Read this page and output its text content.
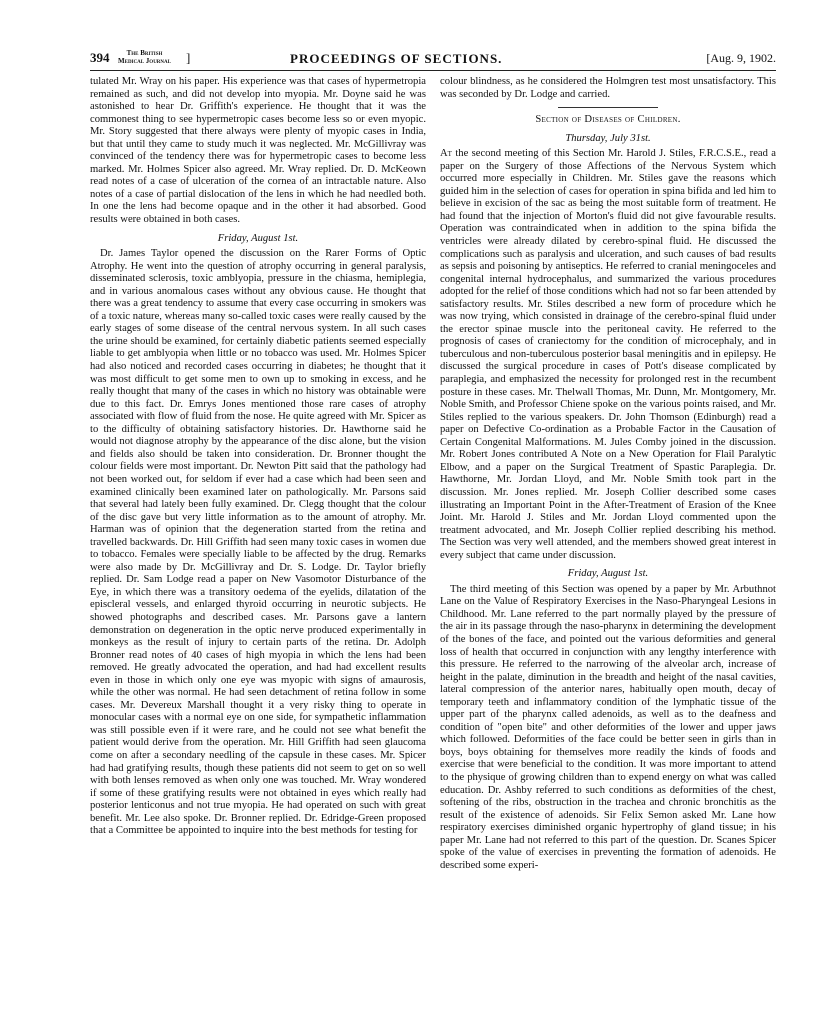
394	The British
Medical Journal ]	PROCEEDINGS OF SECTIONS.	[Aug. 9, 1902.

tulated Mr. Wray on his paper. His experience was that cases of hypermetropia remained as such, and did not develop into myopia. Mr. Doyne said he was astonished to hear Dr. Griffith's experience. He thought that it was the commonest thing to see hypermetropic cases become less so or even myopic. Mr. Story suggested that there always were plenty of myopic cases in India, but that until they came to study much it was neglected. Mr. McGillivray was convinced of the tendency there was for hypermetropic cases to become less marked. Mr. Holmes Spicer also agreed. Mr. Wray replied. Dr. D. McKeown read notes of a case of ulceration of the cornea of an intractable nature. Also notes of a case of partial dislocation of the lens in which he had needled both. In one the lens had become opaque and in the other it had absorbed. Good results were obtained in both cases.

Friday, August 1st.

Dr. James Taylor opened the discussion on the Rarer Forms of Optic Atrophy. He went into the question of atrophy occurring in general paralysis, disseminated sclerosis, toxic amblyopia, pressure in the chiasma, hemiplegia, and in various anomalous cases without any obvious cause. He thought that there was a great tendency to assume that every case occurring in smokers was of a toxic nature, whereas many so-called toxic cases were really caused by the early stages of some disease of the central nervous system. In all such cases the urine should be examined, for certainly diabetic patients seemed especially liable to get amblyopia when little or no tobacco was used. Mr. Holmes Spicer had also noticed and recorded cases occurring in diabetes; he thought that it was most difficult to get some men to own up to smoking in excess, and he really thought that many of the cases in which no history was obtainable were due to this fact. Dr. Emrys Jones mentioned those rare cases of atrophy associated with flow of fluid from the nose. He quite agreed with Mr. Spicer as to the difficulty of obtaining satisfactory histories. Dr. Hawthorne said he would not diagnose atrophy by the appearance of the disc alone, but the vision and fields also should be taken into consideration. Dr. Bronner thought the colour fields were most important. Dr. Newton Pitt said that the pathology had not been worked out, for seldom if ever had a case which had been seen and examined clinically been examined later on pathologically. Mr. Parsons said that several had lately been fully examined. Dr. Clegg thought that the colour of the disc gave but very little information as to the amount of atrophy. Mr. Harman was of opinion that the degeneration started from the retina and travelled backwards. Dr. Hill Griffith had seen many toxic cases in women due to tobacco. Females were specially liable to be affected by the drug. Remarks were also made by Dr. McGillivray and Dr. S. Lodge. Dr. Taylor briefly replied. Dr. Sam Lodge read a paper on New Vasomotor Disturbance of the Eye, in which there was a transitory oedema of the eyelids, dilatation of the episcleral vessels, and enlarged thyroid occurring in neurotic subjects. He showed photographs and described cases. Mr. Parsons gave a lantern demonstration on degeneration in the optic nerve produced experimentally in monkeys as the result of injury to certain parts of the retina. Dr. Adolph Bronner read notes of 40 cases of high myopia in which the lens had been removed. He greatly advocated the operation, and had had excellent results even in those in which only one eye was myopic with signs of amaurosis, while the other was normal. He had seen detachment of retina follow in some cases. Mr. Devereux Marshall thought it a very risky thing to operate in monocular cases with a normal eye on one side, for sympathetic inflammation was still possible even if it were rare, and he could not see what benefit the patient would derive from the operation. Mr. Hill Griffith had seen glaucoma come on after a secondary needling of the capsule in these cases. Mr. Spicer had had gratifying results, though these patients did not seem to get on so well with both lenses removed as when only one was touched. Mr. Wray wondered if some of these gratifying results were not obtained in eyes which really had posterior lenticonus and not true myopia. He had operated on such with great benefit. Mr. Lee also spoke. Dr. Bronner replied. Dr. Edridge-Green proposed that a Committee be appointed to inquire into the best methods for testing for

colour blindness, as he considered the Holmgren test most unsatisfactory. This was seconded by Dr. Lodge and carried.

Section of Diseases of Children.
Thursday, July 31st.

At the second meeting of this Section Mr. Harold J. Stiles, F.R.C.S.E., read a paper on the Surgery of those Affections of the Nervous System which occurred more especially in Children. Mr. Stiles gave the reasons which guided him in the selection of cases for operation in spina bifida and led him to believe in excision of the sac as being the most suitable form of treatment. He had found that the injection of Morton's fluid did not give favourable results. Operation was contraindicated when in addition to the spina bifida the ventricles were already dilated by cerebro-spinal fluid. He discussed the complications such as paralysis and ulceration, and such causes of bad results as sepsis and poisoning by antiseptics. He referred to cranial meningoceles and congenital internal hydrocephalus, and summarized the various procedures adopted for the relief of those conditions which had not so far been attended by satisfactory results. Mr. Stiles described a new form of procedure which he was now trying, which consisted in drainage of the cerebro-spinal fluid under the erector spinae muscle into the peritoneal cavity. He referred to the prognosis of cases of craniectomy for the condition of microcephaly, and in tuberculous and non-tuberculous posterior basal meningitis and in epilepsy. He discussed the surgical procedure in cases of Pott's disease complicated by paraplegia, and emphasized the necessity for prolonged rest in the recumbent posture in these cases. Mr. Thelwall Thomas, Mr. Dunn, Mr. Montgomery, Mr. Noble Smith, and Professor Chiene spoke on the various points raised, and Mr. Stiles replied to the various speakers. Dr. John Thomson (Edinburgh) read a paper on Defective Co-ordination as a Probable Factor in the Causation of Certain Congenital Malformations. M. Jules Comby joined in the discussion. Mr. Robert Jones contributed A Note on a New Operation for Flail Paralytic Elbow, and a paper on the Surgical Treatment of Spastic Paraplegia. Dr. Hawthorne, Mr. Jordan Lloyd, and Mr. Noble Smith took part in the discussion. Mr. Jones replied. Mr. Joseph Collier described some cases illustrating an Important Point in the After-Treatment of Erasion of the Knee Joint. Mr. Harold J. Stiles and Mr. Jordan Lloyd commented upon the treatment advocated, and Mr. Joseph Collier replied describing his method. The Section was very well attended, and the members showed great interest in every subject that came under discussion.

Friday, August 1st.

The third meeting of this Section was opened by a paper by Mr. Arbuthnot Lane on the Value of Respiratory Exercises in the Naso-Pharyngeal Lesions in Childhood. Mr. Lane referred to the part normally played by the pressure of the air in its passage through the naso-pharynx in determining the development of the bones of the face, and pointed out the various deformities and general loss of health that occurred in conjunction with any lengthy interference with this pressure. He referred to the narrowing of the alveolar arch, increase of height in the palate, diminution in the breadth and height of the nasal cavities, lateral compression of the anterior nares, habitually open mouth, decay of temporary teeth and inflammatory condition of the lymphatic tissue of the upper part of the pharynx called adenoids, as well as to the deafness and condition of "open bite" and other deformities of the lower and upper jaws which followed. Deformities of the face could be better seen in girls than in boys, boys obtaining for themselves more readily the kinds of foods and exercise that were beneficial to the condition. It was more important to attend to the physique of growing children than to expend energy on what was called education. Dr. Ashby referred to such conditions as deformities of the chest, softening of the ribs, obstruction in the trachea and chronic bronchitis as the result of the existence of adenoids. Sir Felix Semon asked Mr. Lane how respiratory exercises diminished organic hypertrophy of gland tissue; in his paper Mr. Lane had not referred to this part of the question. Dr. Scanes Spicer spoke of the value of exercises in preventing the formation of adenoids. He described some experi-
